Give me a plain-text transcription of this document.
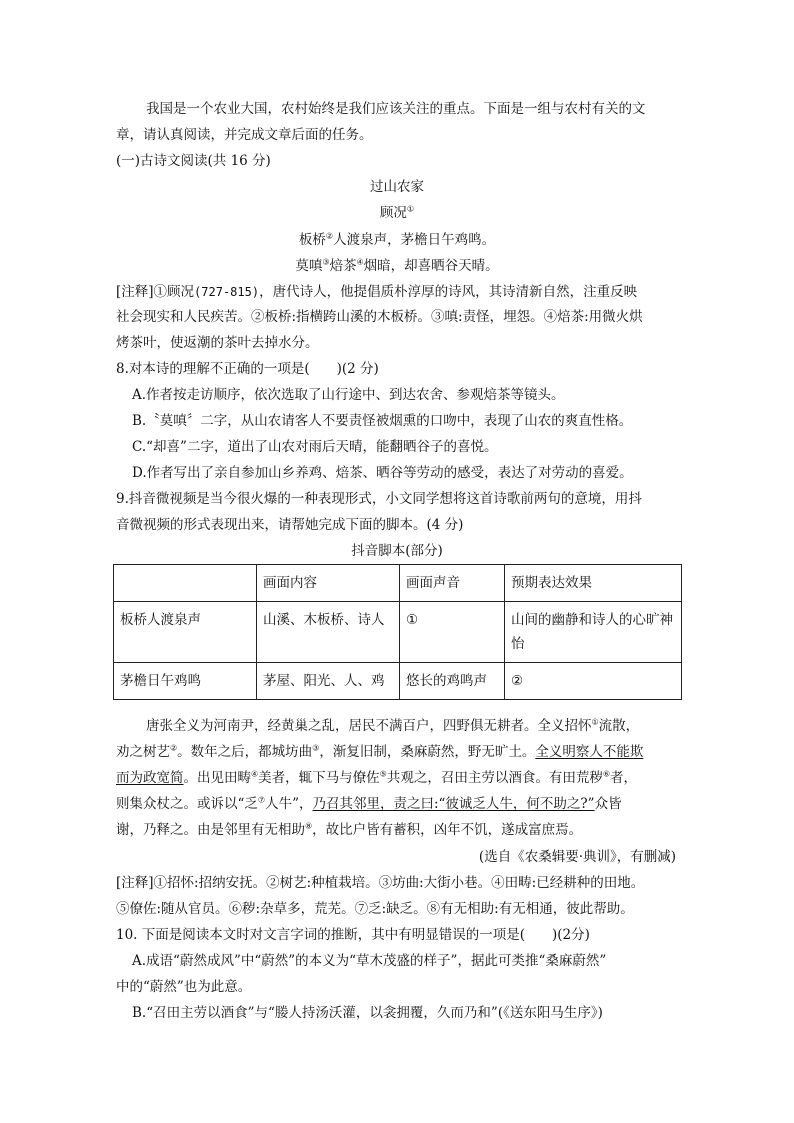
我国是一个农业大国，农村始终是我们应该关注的重点。下面是一组与农村有关的文
章，请认真阅读，并完成文章后面的任务。
(一)古诗文阅读(共 16 分)
过山农家
顾况①
板桥②人渡泉声，茅檐日午鸡鸣。
莫嗔③焙茶④烟暗，却喜晒谷天晴。
[注释]①顾况(727-815)，唐代诗人，他提倡质朴淳厚的诗风，其诗清新自然，注重反映
社会现实和人民疾苦。②板桥:指横跨山溪的木板桥。③嗔:责怪，埋怨。④焙茶:用微火烘
烤茶叶，使返潮的茶叶去掉水分。
8.对本诗的理解不正确的一项是(　　)(2 分)
A.作者按走访顺序，依次选取了山行途中、到达农舍、参观焙茶等镜头。
B.〝莫嗔〞二字，从山农请客人不要责怪被烟熏的口吻中，表现了山农的爽直性格。
C.“却喜”二字，道出了山农对雨后天晴，能翻晒谷子的喜悦。
D.作者写出了亲自参加山乡养鸡、焙茶、晒谷等劳动的感受，表达了对劳动的喜爱。
9.抖音微视频是当今很火爆的一种表现形式，小文同学想将这首诗歌前两句的意境，用抖
音微视频的形式表现出来，请帮她完成下面的脚本。(4 分)
抖音脚本(部分)
	画面内容	画面声音	预期表达效果
板桥人渡泉声	山溪、木板桥、诗人	①	山间的幽静和诗人的心旷神怡
茅檐日午鸡鸣	茅屋、阳光、人、鸡	悠长的鸡鸣声	②
唐张全义为河南尹，经黄巢之乱，居民不满百户，四野俱无耕者。全义招怀①流散，
劝之树艺②。数年之后，都城坊曲③，渐复旧制，桑麻蔚然，野无旷土。全义明察人不能欺
而为政宽简。出见田畴④美者，辄下马与僚佐⑤共观之，召田主劳以酒食。有田荒秽⑥者，
则集众杖之。或诉以“乏⑦人牛”，乃召其邻里，责之曰:“彼诚乏人牛，何不助之?”众皆
谢，乃释之。由是邻里有无相助⑧，故比户皆有蓄积，凶年不饥，遂成富庶焉。
(选自《农桑辑要·典训》，有删减)
[注释]①招怀:招纳安抚。②树艺:种植栽培。③坊曲:大街小巷。④田畴:已经耕种的田地。
⑤僚佐:随从官员。⑥秽:杂草多，荒芜。⑦乏:缺乏。⑧有无相助:有无相通，彼此帮助。
10. 下面是阅读本文时对文言字词的推断，其中有明显错误的一项是(　　)(2分)
A.成语“蔚然成风”中“蔚然”的本义为“草木茂盛的样子”，据此可类推“桑麻蔚然”
中的“蔚然”也为此意。
B.“召田主劳以酒食”与“媵人持汤沃灌，以衾拥覆，久而乃和”(《送东阳马生序》)
